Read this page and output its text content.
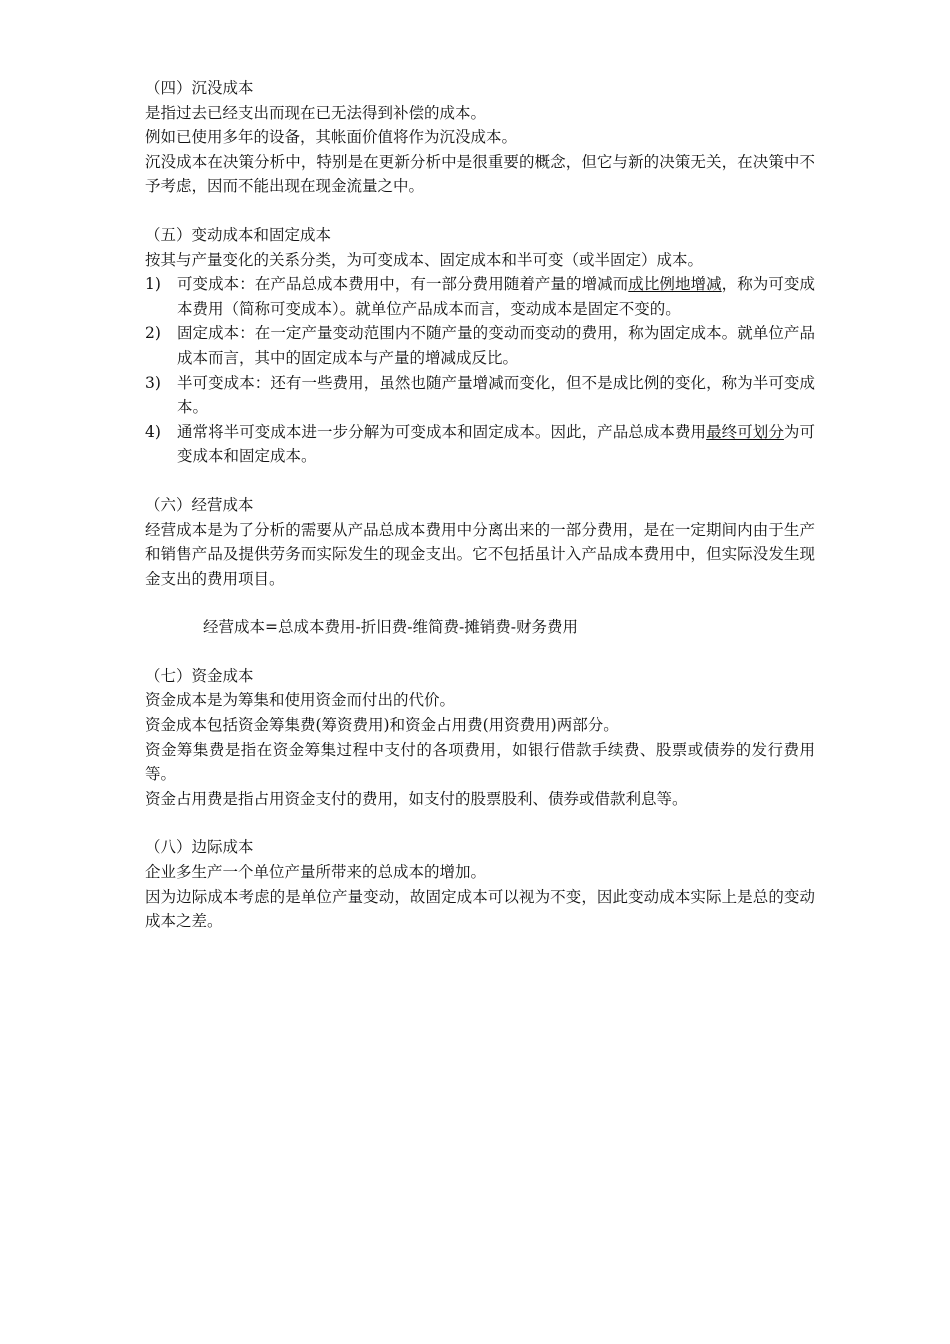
（四）沉没成本
是指过去已经支出而现在已无法得到补偿的成本。
例如已使用多年的设备，其帐面价值将作为沉没成本。
沉没成本在决策分析中，特别是在更新分析中是很重要的概念，但它与新的决策无关，在决策中不予考虑，因而不能出现在现金流量之中。
（五）变动成本和固定成本
按其与产量变化的关系分类，为可变成本、固定成本和半可变（或半固定）成本。
1)	可变成本：在产品总成本费用中，有一部分费用随着产量的增减而成比例地增减，称为可变成本费用（简称可变成本）。就单位产品成本而言，变动成本是固定不变的。
2)	固定成本：在一定产量变动范围内不随产量的变动而变动的费用，称为固定成本。就单位产品成本而言，其中的固定成本与产量的增减成反比。
3)	半可变成本：还有一些费用，虽然也随产量增减而变化，但不是成比例的变化，称为半可变成本。
4)	通常将半可变成本进一步分解为可变成本和固定成本。因此，产品总成本费用最终可划分为可变成本和固定成本。
（六）经营成本
经营成本是为了分析的需要从产品总成本费用中分离出来的一部分费用，是在一定期间内由于生产和销售产品及提供劳务而实际发生的现金支出。它不包括虽计入产品成本费用中，但实际没发生现金支出的费用项目。
经营成本=总成本费用-折旧费-维简费-摊销费-财务费用
（七）资金成本
资金成本是为筹集和使用资金而付出的代价。
资金成本包括资金筹集费(筹资费用)和资金占用费(用资费用)两部分。
资金筹集费是指在资金筹集过程中支付的各项费用，如银行借款手续费、股票或债券的发行费用等。
资金占用费是指占用资金支付的费用，如支付的股票股利、债券或借款利息等。
（八）边际成本
企业多生产一个单位产量所带来的总成本的增加。
因为边际成本考虑的是单位产量变动，故固定成本可以视为不变，因此变动成本实际上是总的变动成本之差。
